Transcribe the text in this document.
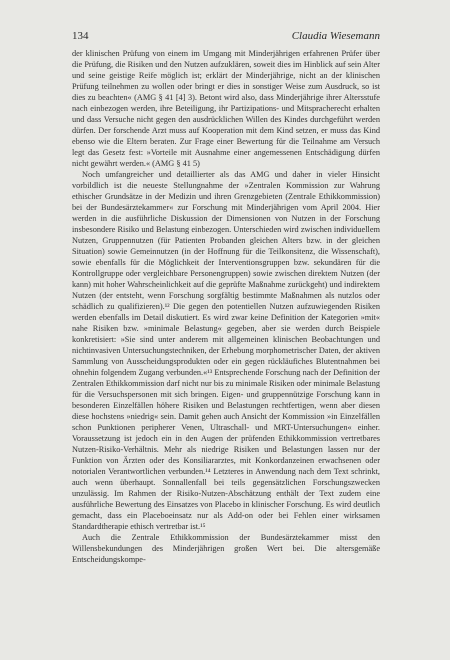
134	Claudia Wiesemann

der klinischen Prüfung von einem im Umgang mit Minderjährigen erfahrenen Prüfer über die Prüfung, die Risiken und den Nutzen aufzuklären, soweit dies im Hinblick auf sein Alter und seine geistige Reife möglich ist; erklärt der Minderjährige, nicht an der klinischen Prüfung teilnehmen zu wollen oder bringt er dies in sonstiger Weise zum Ausdruck, so ist dies zu beachten« (AMG § 41 [4] 3). Betont wird also, dass Minderjährige ihrer Altersstufe nach einbezogen werden, ihre Beteiligung, ihr Partizipations- und Mitspracherecht erhalten und dass Versuche nicht gegen den ausdrücklichen Willen des Kindes durchgeführt werden dürfen. Der forschende Arzt muss auf Kooperation mit dem Kind setzen, er muss das Kind ebenso wie die Eltern beraten. Zur Frage einer Bewertung für die Teilnahme am Versuch legt das Gesetz fest: »Vorteile mit Ausnahme einer angemessenen Entschädigung dürfen nicht gewährt werden.« (AMG § 41 5)

Noch umfangreicher und detaillierter als das AMG und daher in vieler Hinsicht vorbildlich ist die neueste Stellungnahme der »Zentralen Kommission zur Wahrung ethischer Grundsätze in der Medizin und ihren Grenzgebieten (Zentrale Ethikkommission) bei der Bundesärztekammer« zur Forschung mit Minderjährigen vom April 2004. Hier werden in die ausführliche Diskussion der Dimensionen von Nutzen in der Forschung insbesondere Risiko und Belastung einbezogen. Unterschieden wird zwischen individuellem Nutzen, Gruppennutzen (für Patienten Probanden gleichen Alters bzw. in der gleichen Situation) sowie Gemeinnutzen (in der Hoffnung für die Teilkonsitenz, die Wissenschaft), sowie ebenfalls für die Möglichkeit der Interventionsgruppen bzw. sekundären für die Kontrollgruppe oder vergleichbare Personengruppen) sowie zwischen direktem Nutzen (der kann) mit hoher Wahrscheinlichkeit auf die geprüfte Maßnahme zurückgeht) und indirektem Nutzen (der entsteht, wenn Forschung sorgfältig bestimmte Maßnahmen als nutzlos oder schädlich zu qualifizieren).¹² Die gegen den potentiellen Nutzen aufzuwiegenden Risiken werden ebenfalls im Detail diskutiert. Es wird zwar keine Definition der Kategorien »mit« nahe Risiken bzw. »minimale Belastung« gegeben, aber sie werden durch Beispiele konkretisiert: »Sie sind unter anderem mit allgemeinen klinischen Beobachtungen und nichtinvasiven Untersuchungstechniken, der Erhebung morphometrischer Daten, der aktiven Sammlung von Ausscheidungsprodukten oder ein gegen rückläufiches Blutentnahmen bei ohnehin folgendem Zugang verbunden.«¹³ Entsprechende Forschung nach der Definition der Zentralen Ethikkommission darf nicht nur bis zu minimale Risiken oder minimale Belastung für die Versuchspersonen mit sich bringen. Eigen- und gruppennützige Forschung kann in besonderen Einzelfällen höhere Risiken und Belastungen rechtfertigen, wenn aber diesen diese hochstens »niedrig« sein. Damit gehen auch Ansicht der Kommission »in Einzelfällen schon Punktionen peripherer Venen, Ultraschall- und MRT-Untersuchungen« einher. Voraussetzung ist jedoch ein in den Augen der prüfenden Ethikkommission vertretbares Nutzen-Risiko-Verhältnis. Mehr als niedrige Risiken und Belastungen lassen nur der Funktion von Ärzten oder des Konsiliararztes, mit Konkordanzeinen erwachsenen oder notorialen Verantwortlichen verbunden.¹⁴ Letzteres in Anwendung nach dem Text schrinkt, auch wenn überhaupt. Sonnallenfall bei teils gegensätzlichen Forschungszwecken unzulässig. Im Rahmen der Risiko-Nutzen-Abschätzung enthält der Text zudem eine ausführliche Bewertung des Einsatzes von Placebo in klinischer Forschung. Es wird deutlich gemacht, dass ein Placeboeinsatz nur als Add-on oder bei Fehlen einer wirksamen Standardtherapie ethisch vertretbar ist.¹⁵

Auch die Zentrale Ethikkommission der Bundesärztekammer misst den Willensbekundungen des Minderjährigen großen Wert bei. Die altersgemäße Entscheidungskompe-
